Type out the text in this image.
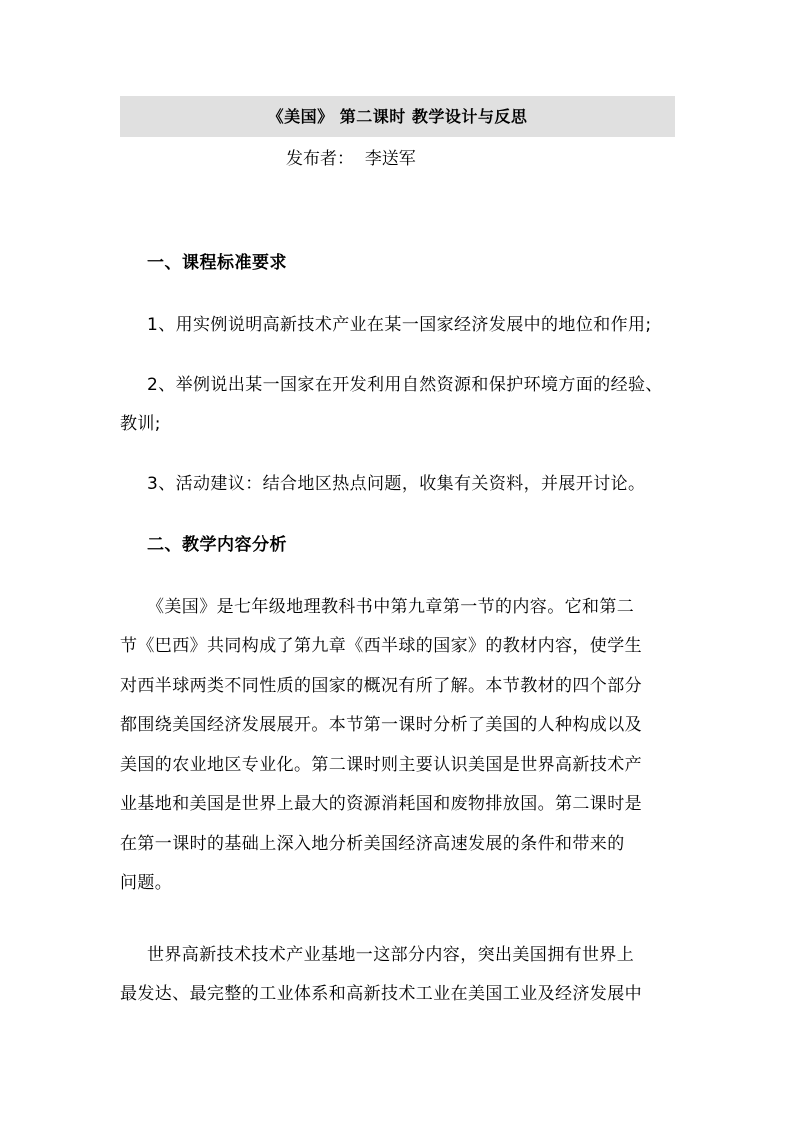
《美国》 第二课时 教学设计与反思
发布者： 李送军
一、课程标准要求
1、用实例说明高新技术产业在某一国家经济发展中的地位和作用;
2、举例说出某一国家在开发利用自然资源和保护环境方面的经验、
教训;
3、活动建议：结合地区热点问题，收集有关资料，并展开讨论。
二、教学内容分析
《美国》是七年级地理教科书中第九章第一节的内容。它和第二
节《巴西》共同构成了第九章《西半球的国家》的教材内容，使学生
对西半球两类不同性质的国家的概况有所了解。本节教材的四个部分
都围绕美国经济发展展开。本节第一课时分析了美国的人种构成以及
美国的农业地区专业化。第二课时则主要认识美国是世界高新技术产
业基地和美国是世界上最大的资源消耗国和废物排放国。第二课时是
在第一课时的基础上深入地分析美国经济高速发展的条件和带来的
问题。
世界高新技术技术产业基地一这部分内容，突出美国拥有世界上
最发达、最完整的工业体系和高新技术工业在美国工业及经济发展中
